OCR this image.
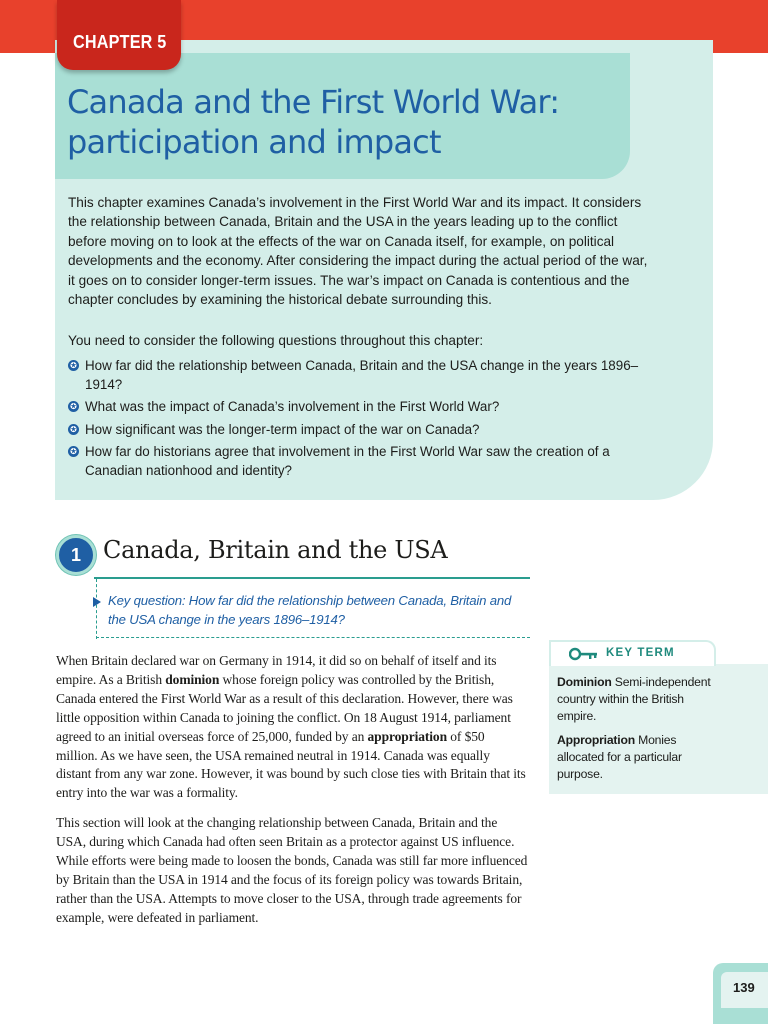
CHAPTER 5
Canada and the First World War: participation and impact

This chapter examines Canada’s involvement in the First World War and its impact. It considers the relationship between Canada, Britain and the USA in the years leading up to the conflict before moving on to look at the effects of the war on Canada itself, for example, on political developments and the economy. After considering the impact during the actual period of the war, it goes on to consider longer-term issues. The war’s impact on Canada is contentious and the chapter concludes by examining the historical debate surrounding this.

You need to consider the following questions throughout this chapter:

✪ How far did the relationship between Canada, Britain and the USA change in the years 1896–1914?
✪ What was the impact of Canada’s involvement in the First World War?
✪ How significant was the longer-term impact of the war on Canada?
✪ How far do historians agree that involvement in the First World War saw the creation of a Canadian nationhood and identity?
1 Canada, Britain and the USA

Key question: How far did the relationship between Canada, Britain and the USA change in the years 1896–1914?

When Britain declared war on Germany in 1914, it did so on behalf of itself and its empire. As a British dominion whose foreign policy was controlled by the British, Canada entered the First World War as a result of this declaration. However, there was little opposition within Canada to joining the conflict. On 18 August 1914, parliament agreed to an initial overseas force of 25,000, funded by an appropriation of $50 million. As we have seen, the USA remained neutral in 1914. Canada was equally distant from any war zone. However, it was bound by such close ties with Britain that its entry into the war was a formality.

This section will look at the changing relationship between Canada, Britain and the USA, during which Canada had often seen Britain as a protector against US influence. While efforts were being made to loosen the bonds, Canada was still far more influenced by Britain than the USA in 1914 and the focus of its foreign policy was towards Britain, rather than the USA. Attempts to move closer to the USA, through trade agreements for example, were defeated in parliament.

KEY TERM

Dominion Semi-independent country within the British empire.

Appropriation Monies allocated for a particular purpose.

139
